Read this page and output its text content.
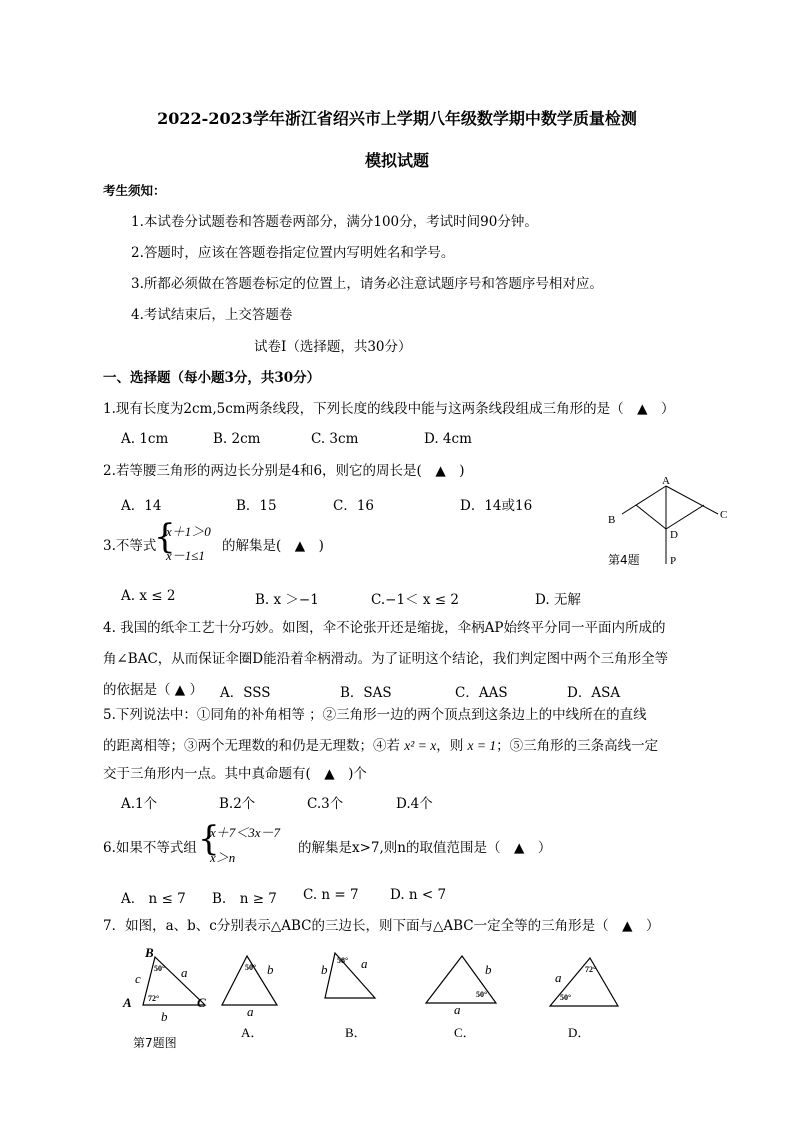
2022-2023学年浙江省绍兴市上学期八年级数学期中数学质量检测
模拟试题
考生须知：
1.本试卷分试题卷和答题卷两部分，满分100分，考试时间90分钟。
2.答题时，应该在答题卷指定位置内写明姓名和学号。
3.所都必须做在答题卷标定的位置上，请务必注意试题序号和答题序号相对应。
4.考试结束后，上交答题卷
试卷Ⅰ（选择题，共30分）
一、选择题（每小题3分，共30分）
1.现有长度为2cm,5cm两条线段，下列长度的线段中能与这两条线段组成三角形的是（　▲　）
A. 1cm	B. 2cm	C. 3cm	D. 4cm
2.若等腰三角形的两边长分别是4和6，则它的周长是(　▲　)
A．14	B．15	C．16	D．14或16
A
B	C
D
P
第4题
3.不等式
{
x＋1＞0
x－1≤1
的解集是(　▲　)
A. x ≤ 2	B. x ＞−1	C.−1＜ x ≤ 2	D. 无解
4. 我国的纸伞工艺十分巧妙。如图，伞不论张开还是缩拢，伞柄AP始终平分同一平面内所成的
角∠BAC，从而保证伞圈D能沿着伞柄滑动。为了证明这个结论，我们判定图中两个三角形全等
的依据是（ ▲ ） A．SSS	B．SAS	C．AAS	D．ASA
5.下列说法中：①同角的补角相等 ；②三角形一边的两个顶点到这条边上的中线所在的直线
的距离相等；③两个无理数的和仍是无理数；④若 x² = x，则 x = 1；⑤三角形的三条高线一定
交于三角形内一点。其中真命题有(　▲　)个
A.1个	B.2个	C.3个	D.4个
6.如果不等式组 {
x＋7＜3x－7
x＞n
的解集是x>7,则n的取值范围是（　▲　）
A． n ≤ 7 B.　n ≥ 7 C. n = 7 D. n < 7
7．如图，a、b、c分别表示△ABC的三边长，则下面与△ABC一定全等的三角形是（　▲　）
B
A	C
c	a
b
50°
72°
第7题图
50° b
a
A．
58°
b	a
B．
b
50°
a
C．
a
72°
50°
D．
